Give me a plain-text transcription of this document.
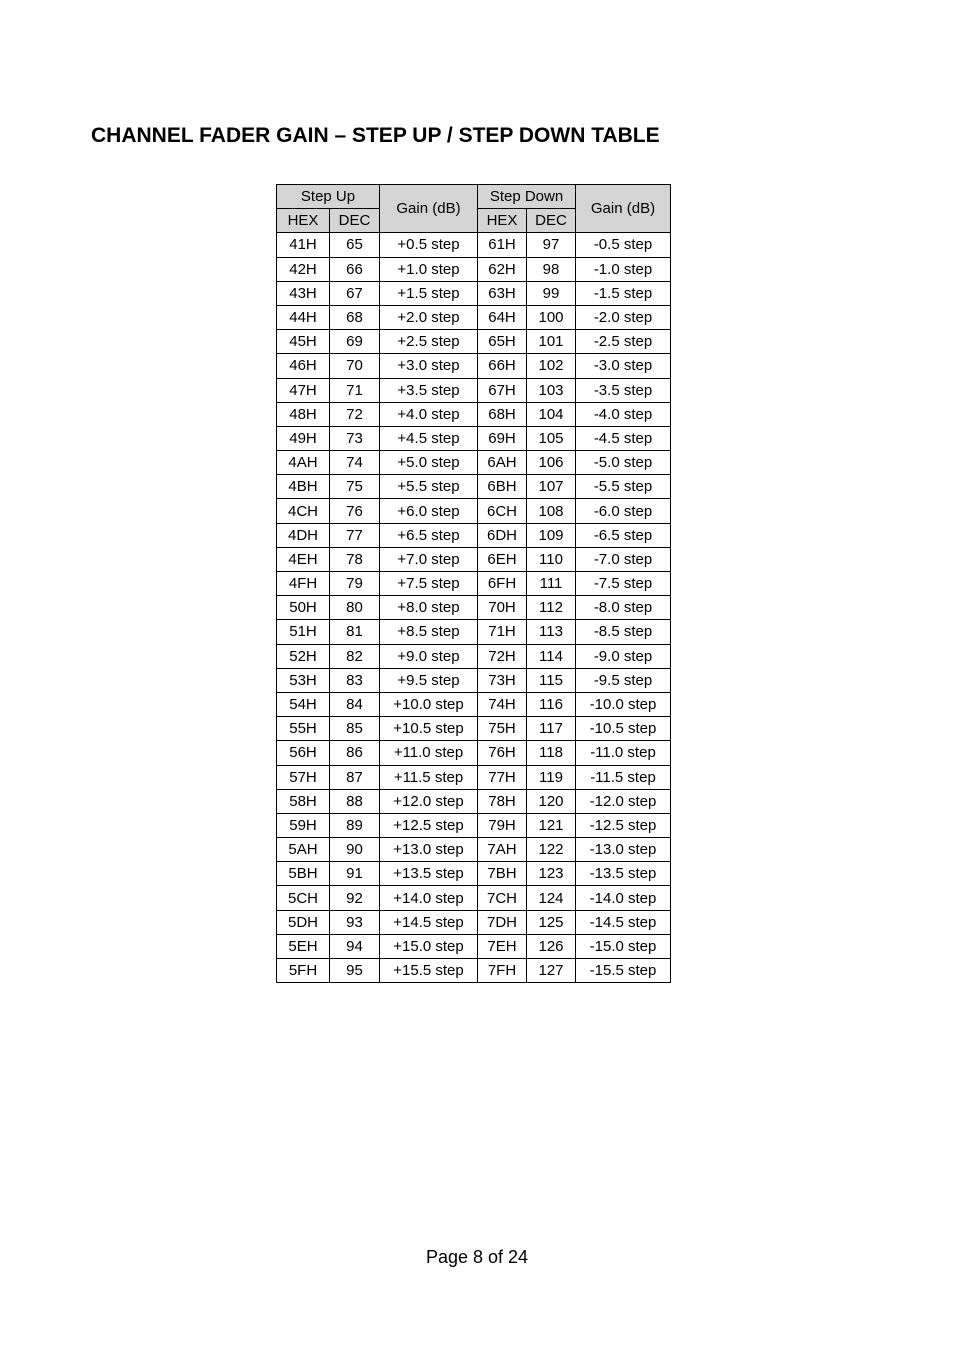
CHANNEL FADER GAIN – STEP UP / STEP DOWN TABLE
Step Up		Gain (dB)	Step Down		Gain (dB)
HEX	DEC		HEX	DEC	
41H	65	+0.5 step	61H	97	-0.5 step
42H	66	+1.0 step	62H	98	-1.0 step
43H	67	+1.5 step	63H	99	-1.5 step
44H	68	+2.0 step	64H	100	-2.0 step
45H	69	+2.5 step	65H	101	-2.5 step
46H	70	+3.0 step	66H	102	-3.0 step
47H	71	+3.5 step	67H	103	-3.5 step
48H	72	+4.0 step	68H	104	-4.0 step
49H	73	+4.5 step	69H	105	-4.5 step
4AH	74	+5.0 step	6AH	106	-5.0 step
4BH	75	+5.5 step	6BH	107	-5.5 step
4CH	76	+6.0 step	6CH	108	-6.0 step
4DH	77	+6.5 step	6DH	109	-6.5 step
4EH	78	+7.0 step	6EH	110	-7.0 step
4FH	79	+7.5 step	6FH	111	-7.5 step
50H	80	+8.0 step	70H	112	-8.0 step
51H	81	+8.5 step	71H	113	-8.5 step
52H	82	+9.0 step	72H	114	-9.0 step
53H	83	+9.5 step	73H	115	-9.5 step
54H	84	+10.0 step	74H	116	-10.0 step
55H	85	+10.5 step	75H	117	-10.5 step
56H	86	+11.0 step	76H	118	-11.0 step
57H	87	+11.5 step	77H	119	-11.5 step
58H	88	+12.0 step	78H	120	-12.0 step
59H	89	+12.5 step	79H	121	-12.5 step
5AH	90	+13.0 step	7AH	122	-13.0 step
5BH	91	+13.5 step	7BH	123	-13.5 step
5CH	92	+14.0 step	7CH	124	-14.0 step
5DH	93	+14.5 step	7DH	125	-14.5 step
5EH	94	+15.0 step	7EH	126	-15.0 step
5FH	95	+15.5 step	7FH	127	-15.5 step
Page 8 of 24
